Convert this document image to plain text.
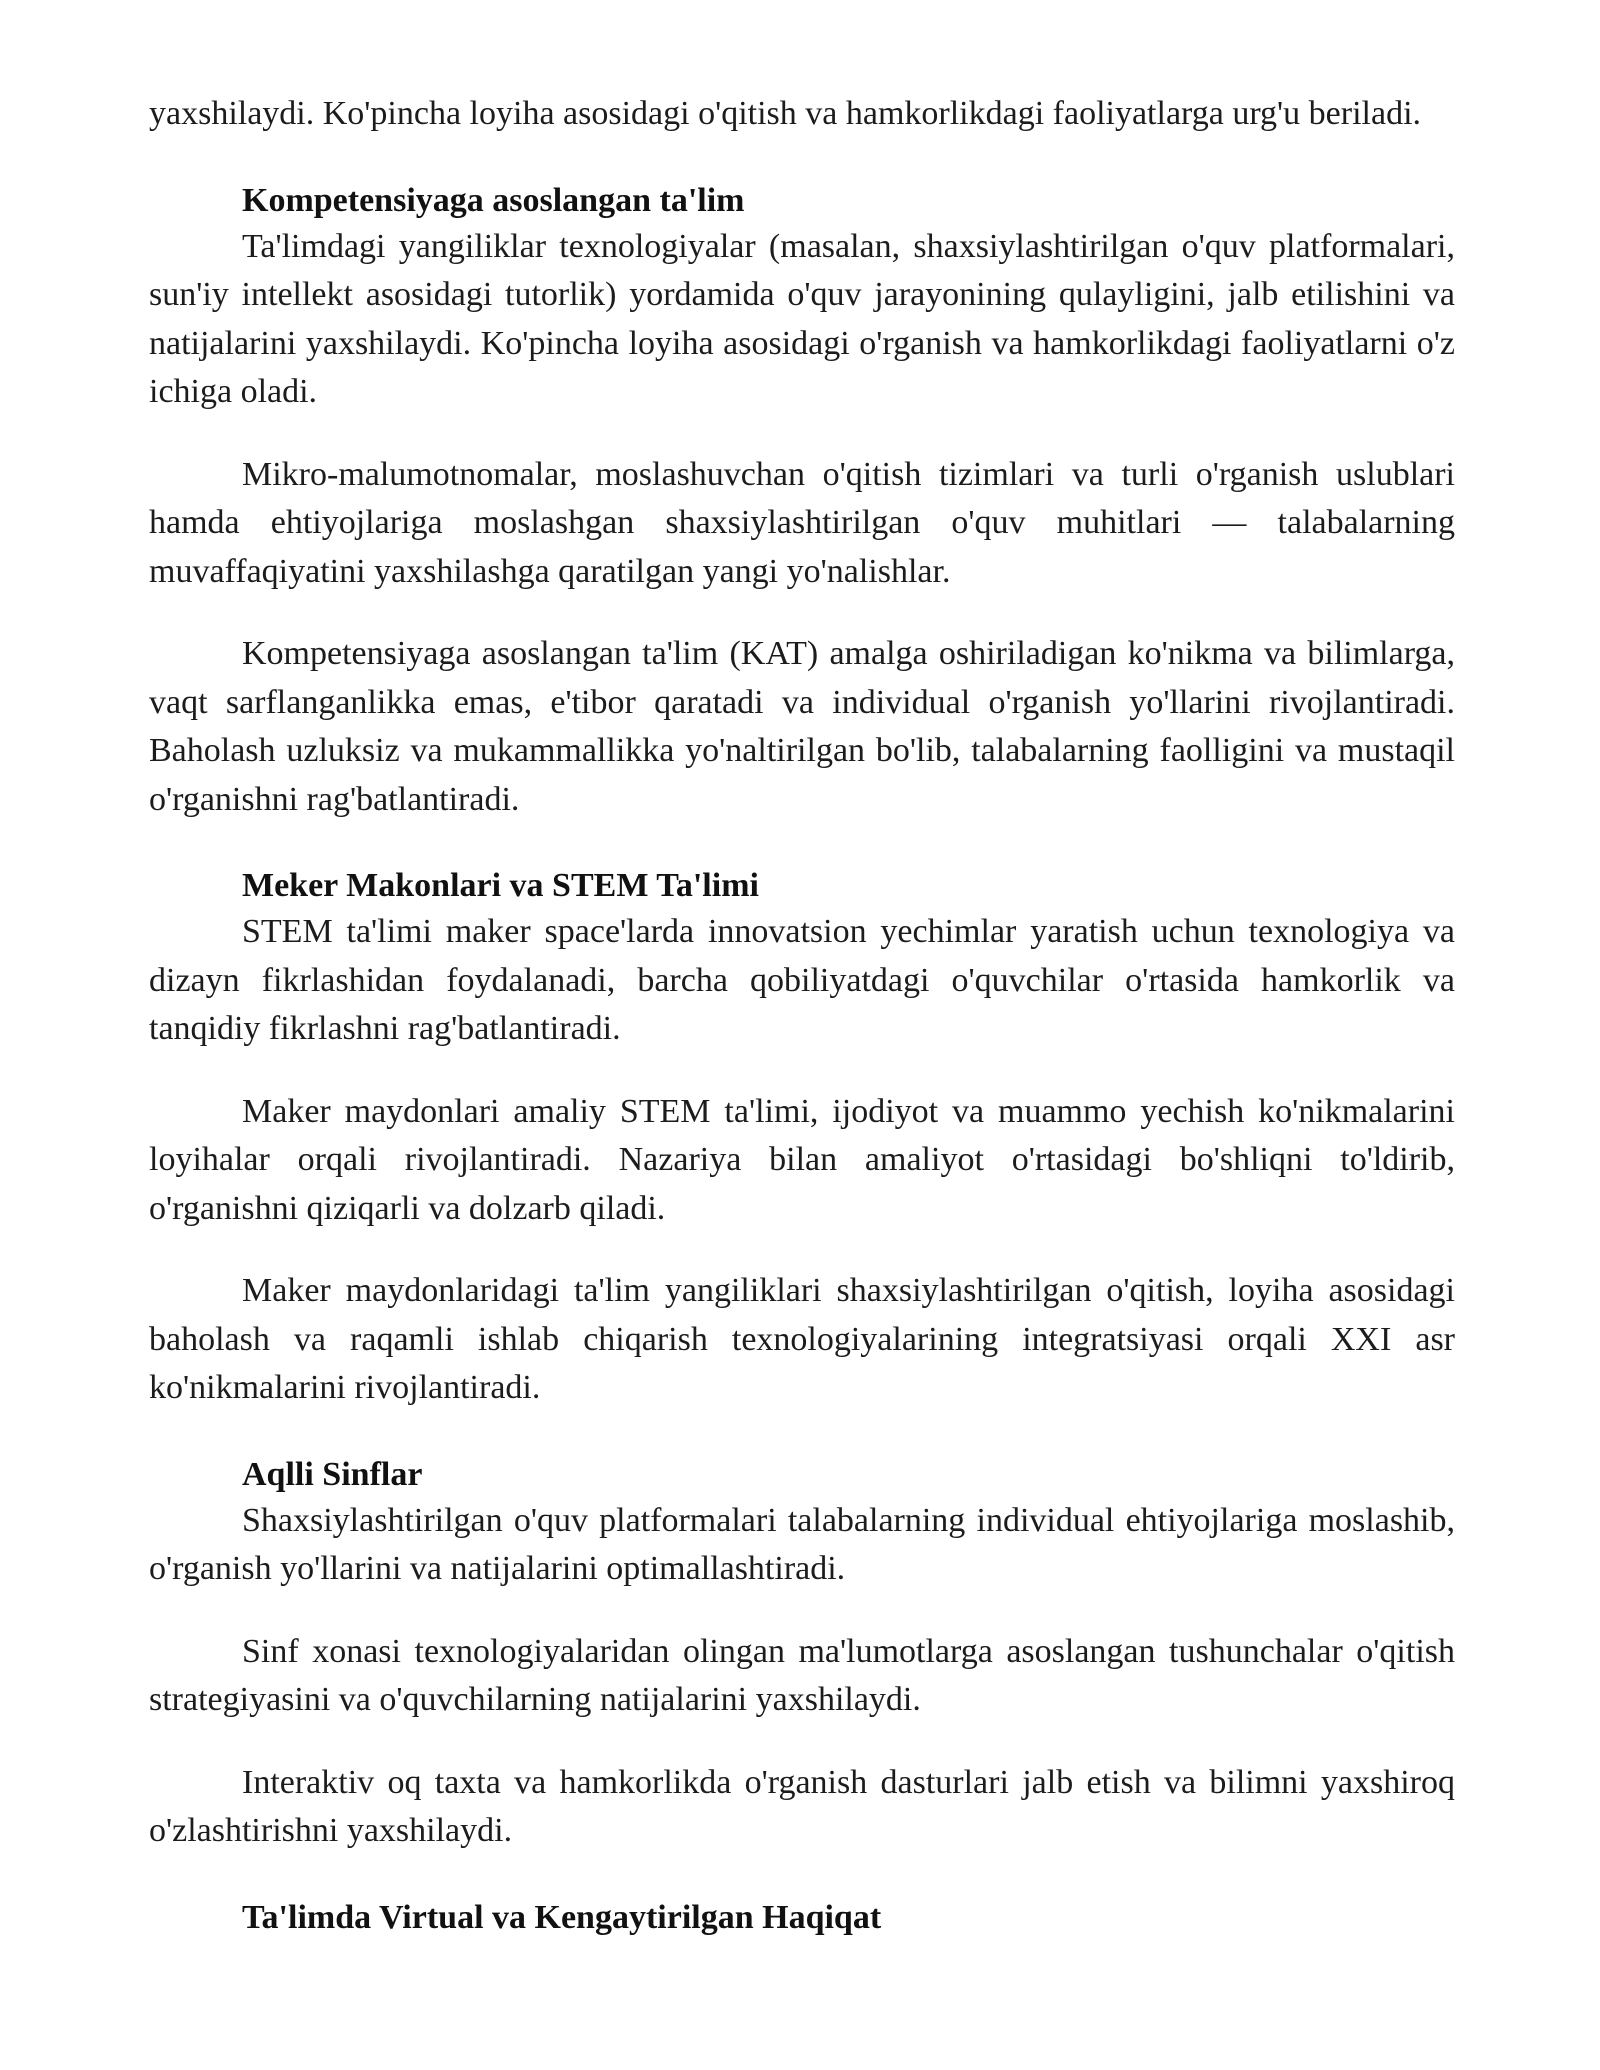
yaxshilaydi. Ko'pincha loyiha asosidagi o'qitish va hamkorlikdagi faoliyatlarga urg'u beriladi.

Kompetensiyaga asoslangan ta'lim

Ta'limdagi yangiliklar texnologiyalar (masalan, shaxsiylashtirilgan o'quv platformalari, sun'iy intellekt asosidagi tutorlik) yordamida o'quv jarayonining qulayligini, jalb etilishini va natijalarini yaxshilaydi. Ko'pincha loyiha asosidagi o'rganish va hamkorlikdagi faoliyatlarni o'z ichiga oladi.

Mikro-malumotnomalar, moslashuvchan o'qitish tizimlari va turli o'rganish uslublari hamda ehtiyojlariga moslashgan shaxsiylashtirilgan o'quv muhitlari — talabalarning muvaffaqiyatini yaxshilashga qaratilgan yangi yo'nalishlar.

Kompetensiyaga asoslangan ta'lim (KAT) amalga oshiriladigan ko'nikma va bilimlarga, vaqt sarflanganlikka emas, e'tibor qaratadi va individual o'rganish yo'llarini rivojlantiradi. Baholash uzluksiz va mukammallikka yo'naltirilgan bo'lib, talabalarning faolligini va mustaqil o'rganishni rag'batlantiradi.

Meker Makonlari va STEM Ta'limi

STEM ta'limi maker space'larda innovatsion yechimlar yaratish uchun texnologiya va dizayn fikrlashidan foydalanadi, barcha qobiliyatdagi o'quvchilar o'rtasida hamkorlik va tanqidiy fikrlashni rag'batlantiradi.

Maker maydonlari amaliy STEM ta'limi, ijodiyot va muammo yechish ko'nikmalarini loyihalar orqali rivojlantiradi. Nazariya bilan amaliyot o'rtasidagi bo'shliqni to'ldirib, o'rganishni qiziqarli va dolzarb qiladi.

Maker maydonlaridagi ta'lim yangiliklari shaxsiylashtirilgan o'qitish, loyiha asosidagi baholash va raqamli ishlab chiqarish texnologiyalarining integratsiyasi orqali XXI asr ko'nikmalarini rivojlantiradi.

Aqlli Sinflar

Shaxsiylashtirilgan o'quv platformalari talabalarning individual ehtiyojlariga moslashib, o'rganish yo'llarini va natijalarini optimallashtiradi.

Sinf xonasi texnologiyalaridan olingan ma'lumotlarga asoslangan tushunchalar o'qitish strategiyasini va o'quvchilarning natijalarini yaxshilaydi.

Interaktiv oq taxta va hamkorlikda o'rganish dasturlari jalb etish va bilimni yaxshiroq o'zlashtirishni yaxshilaydi.

Ta'limda Virtual va Kengaytirilgan Haqiqat
